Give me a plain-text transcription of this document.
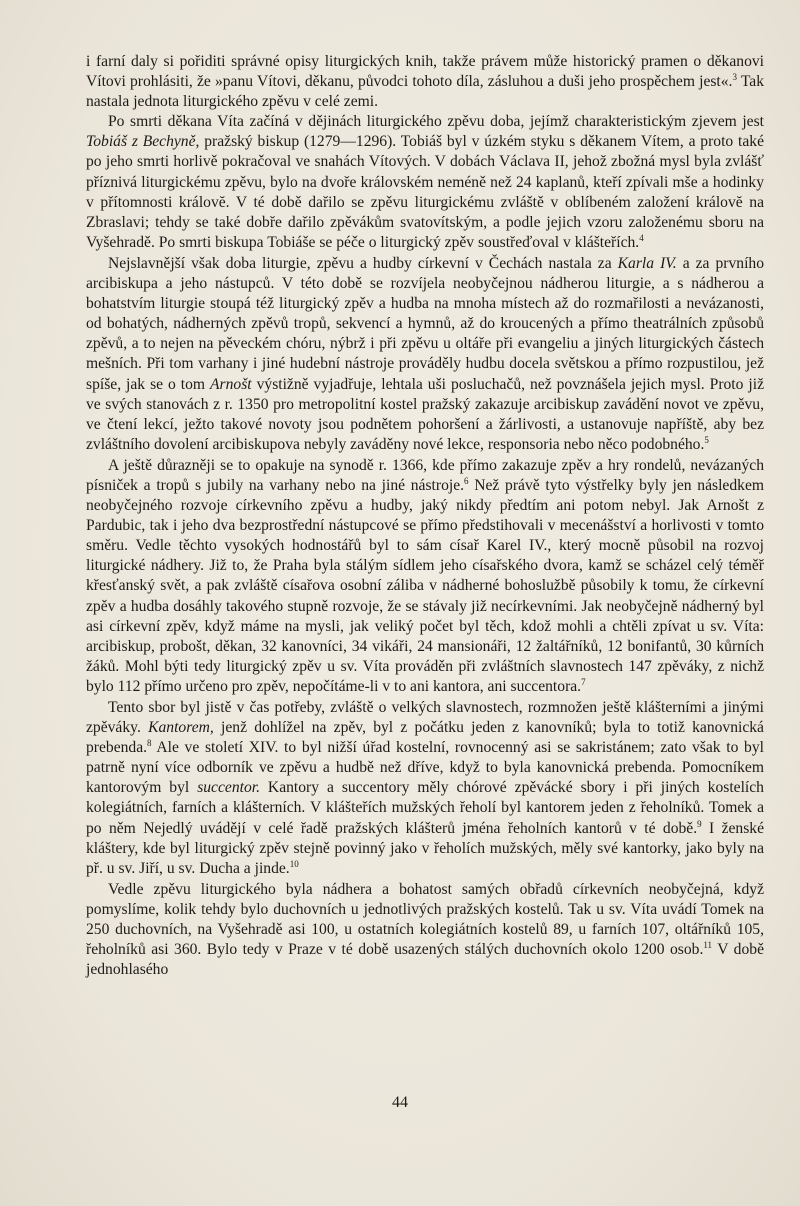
i farní daly si pořiditi správné opisy liturgických knih, takže právem může historický pramen o děkanovi Vítovi prohlásiti, že »panu Vítovi, děkanu, původci tohoto díla, zásluhou a duši jeho prospěchem jest«.$^3$ Tak nastala jednota liturgického zpěvu v celé zemi.

Po smrti děkana Víta začíná v dějinách liturgického zpěvu doba, jejímž charakteristickým zjevem jest Tobiáš z Bechyně, pražský biskup (1279—1296). Tobiáš byl v úzkém styku s děkanem Vítem, a proto také po jeho smrti horlivě pokračoval ve snahách Vítových. V dobách Václava II, jehož zbožná mysl byla zvlášť příznivá liturgickému zpěvu, bylo na dvoře královském neméně než 24 kaplanů, kteří zpívali mše a hodinky v přítomnosti královĕ. V té době dařilo se zpěvu liturgickému zvláště v oblíbeném založení královĕ na Zbraslavi; tehdy se také dobře dařilo zpěvákům svatovítským, a podle jejich vzoru založenému sboru na Vyšehradě. Po smrti biskupa Tobiáše se péče o liturgický zpěv soustřeďoval v klášteřích.$^4$

Nejslavnější však doba liturgie, zpěvu a hudby církevní v Čechách nastala za Karla IV. a za prvního arcibiskupa a jeho nástupců. V této době se rozvíjela neobyčejnou nádherou liturgie, a s nádherou a bohatstvím liturgie stoupá též liturgický zpěv a hudba na mnoha místech až do rozmařilosti a nevázanosti, od bohatých, nádherných zpěvů tropů, sekvencí a hymnů, až do kroucených a přímo theatrálních způsobů zpěvů, a to nejen na pěveckém chóru, nýbrž i při zpěvu u oltáře při evangeliu a jiných liturgických částech mešních. Při tom varhany i jiné hudební nástroje prováděly hudbu docela světskou a přímo rozpustilou, jež spíše, jak se o tom Arnošt výstižně vyjadřuje, lehtala uši posluchačů, než povznášela jejich mysl. Proto již ve svých stanovách z r. 1350 pro metropolitní kostel pražský zakazuje arcibiskup zavádění novot ve zpěvu, ve čtení lekcí, ježto takové novoty jsou podnětem pohoršení a žárlivosti, a ustanovuje napříště, aby bez zvláštního dovolení arcibiskupova nebyly zaváděny nové lekce, responsoria nebo něco podobného.$^5$

A ještě důrazněji se to opakuje na synodě r. 1366, kde přímo zakazuje zpěv a hry rondelů, nevázaných písniček a tropů s jubily na varhany nebo na jiné nástroje.$^6$ Než právě tyto výstřelky byly jen následkem neobyčejného rozvoje církevního zpěvu a hudby, jaký nikdy předtím ani potom nebyl. Jak Arnošt z Pardubic, tak i jeho dva bezprostřední nástupcové se přímo předstihovali v mecenášství a horlivosti v tomto směru. Vedle těchto vysokých hodnostářů byl to sám císař Karel IV., který mocně působil na rozvoj liturgické nádhery. Již to, že Praha byla stálým sídlem jeho císařského dvora, kamž se scházel celý téměř křesťanský svět, a pak zvláště císařova osobní záliba v nádherné bohoslužbě působily k tomu, že církevní zpěv a hudba dosáhly takového stupně rozvoje, že se stávaly již necírkevními. Jak neobyčejně nádherný byl asi církevní zpěv, když máme na mysli, jak veliký počet byl těch, kdož mohli a chtěli zpívat u sv. Víta: arcibiskup, probošt, děkan, 32 kanovníci, 34 vikáři, 24 mansionáři, 12 žaltářníků, 12 bonifantů, 30 kůrních žáků. Mohl býti tedy liturgický zpěv u sv. Víta prováděn při zvláštních slavnostech 147 zpěváky, z nichž bylo 112 přímo určeno pro zpěv, nepočítáme-li v to ani kantora, ani succentora.$^7$

Tento sbor byl jistě v čas potřeby, zvláště o velkých slavnostech, rozmnožen ještě klášterními a jinými zpěváky. Kantorem, jenž dohlížel na zpěv, byl z počátku jeden z kanovníků; byla to totiž kanovnická prebenda.$^8$ Ale ve století XIV. to byl nižší úřad kostelní, rovnocenný asi se sakristánem; zato však to byl patrně nyní více odborník ve zpěvu a hudbě než dříve, když to byla kanovnická prebenda. Pomocníkem kantorovým byl succentor. Kantory a succentory měly chórové zpěvácké sbory i při jiných kostelích kolegiátních, farních a klášterních. V klášteřích mužských řeholí byl kantorem jeden z řeholníků. Tomek a po něm Nejedlý uvádějí v celé řadě pražských klášterů jména řeholních kantorů v té době.$^9$ I ženské kláštery, kde byl liturgický zpěv stejně povinný jako v řeholích mužských, měly své kantorky, jako byly na př. u sv. Jiří, u sv. Ducha a jinde.$^{10}$

Vedle zpěvu liturgického byla nádhera a bohatost samých obřadů církevních neobyčejná, když pomyslíme, kolik tehdy bylo duchovních u jednotlivých pražských kostelů. Tak u sv. Víta uvádí Tomek na 250 duchovních, na Vyšehradě asi 100, u ostatních kolegiátních kostelů 89, u farních 107, oltářníků 105, řeholníků asi 360. Bylo tedy v Praze v té době usazených stálých duchovních okolo 1200 osob.$^{11}$ V době jednohlasého

44
